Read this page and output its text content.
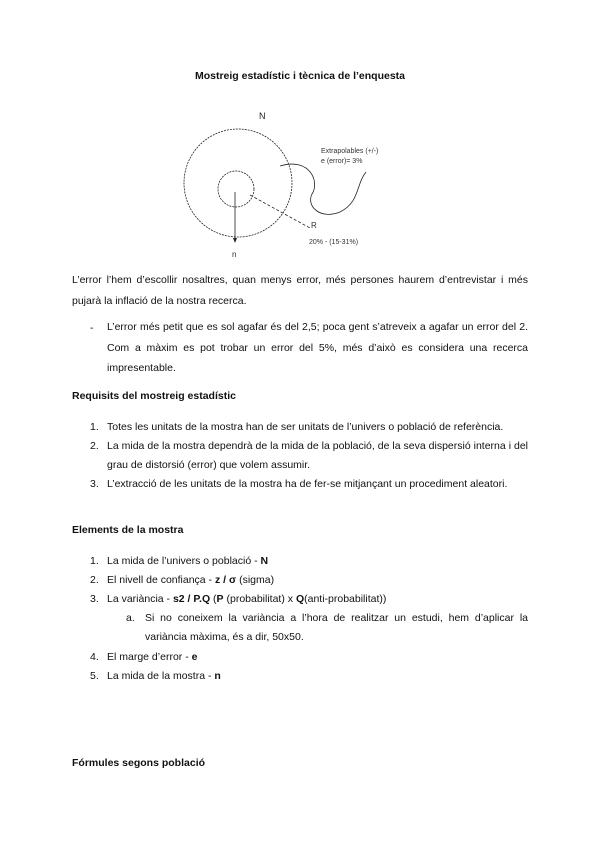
Mostreig estadístic i tècnica de l’enquesta
N
Extrapolables (+/-)
e (error)= 3%
R
20% - (15-31%)
n
L’error l’hem d’escollir nosaltres, quan menys error, més persones haurem d’entrevistar i més pujarà la inflació de la nostra recerca.
- L’error més petit que es sol agafar és del 2,5; poca gent s’atreveix a agafar un error del 2. Com a màxim es pot trobar un error del 5%, més d’això es considera una recerca impresentable.
Requisits del mostreig estadístic
1. Totes les unitats de la mostra han de ser unitats de l’univers o població de referència.
2. La mida de la mostra dependrà de la mida de la població, de la seva dispersió interna i del grau de distorsió (error) que volem assumir.
3. L’extracció de les unitats de la mostra ha de fer-se mitjançant un procediment aleatori.
Elements de la mostra
1. La mida de l’univers o població - N
2. El nivell de confiança - z / σ (sigma)
3. La variància - s2 / P.Q (P (probabilitat) x Q(anti-probabilitat))
a. Si no coneixem la variància a l’hora de realitzar un estudi, hem d’aplicar la variància màxima, és a dir, 50x50.
4. El marge d’error - e
5. La mida de la mostra - n
Fórmules segons població
